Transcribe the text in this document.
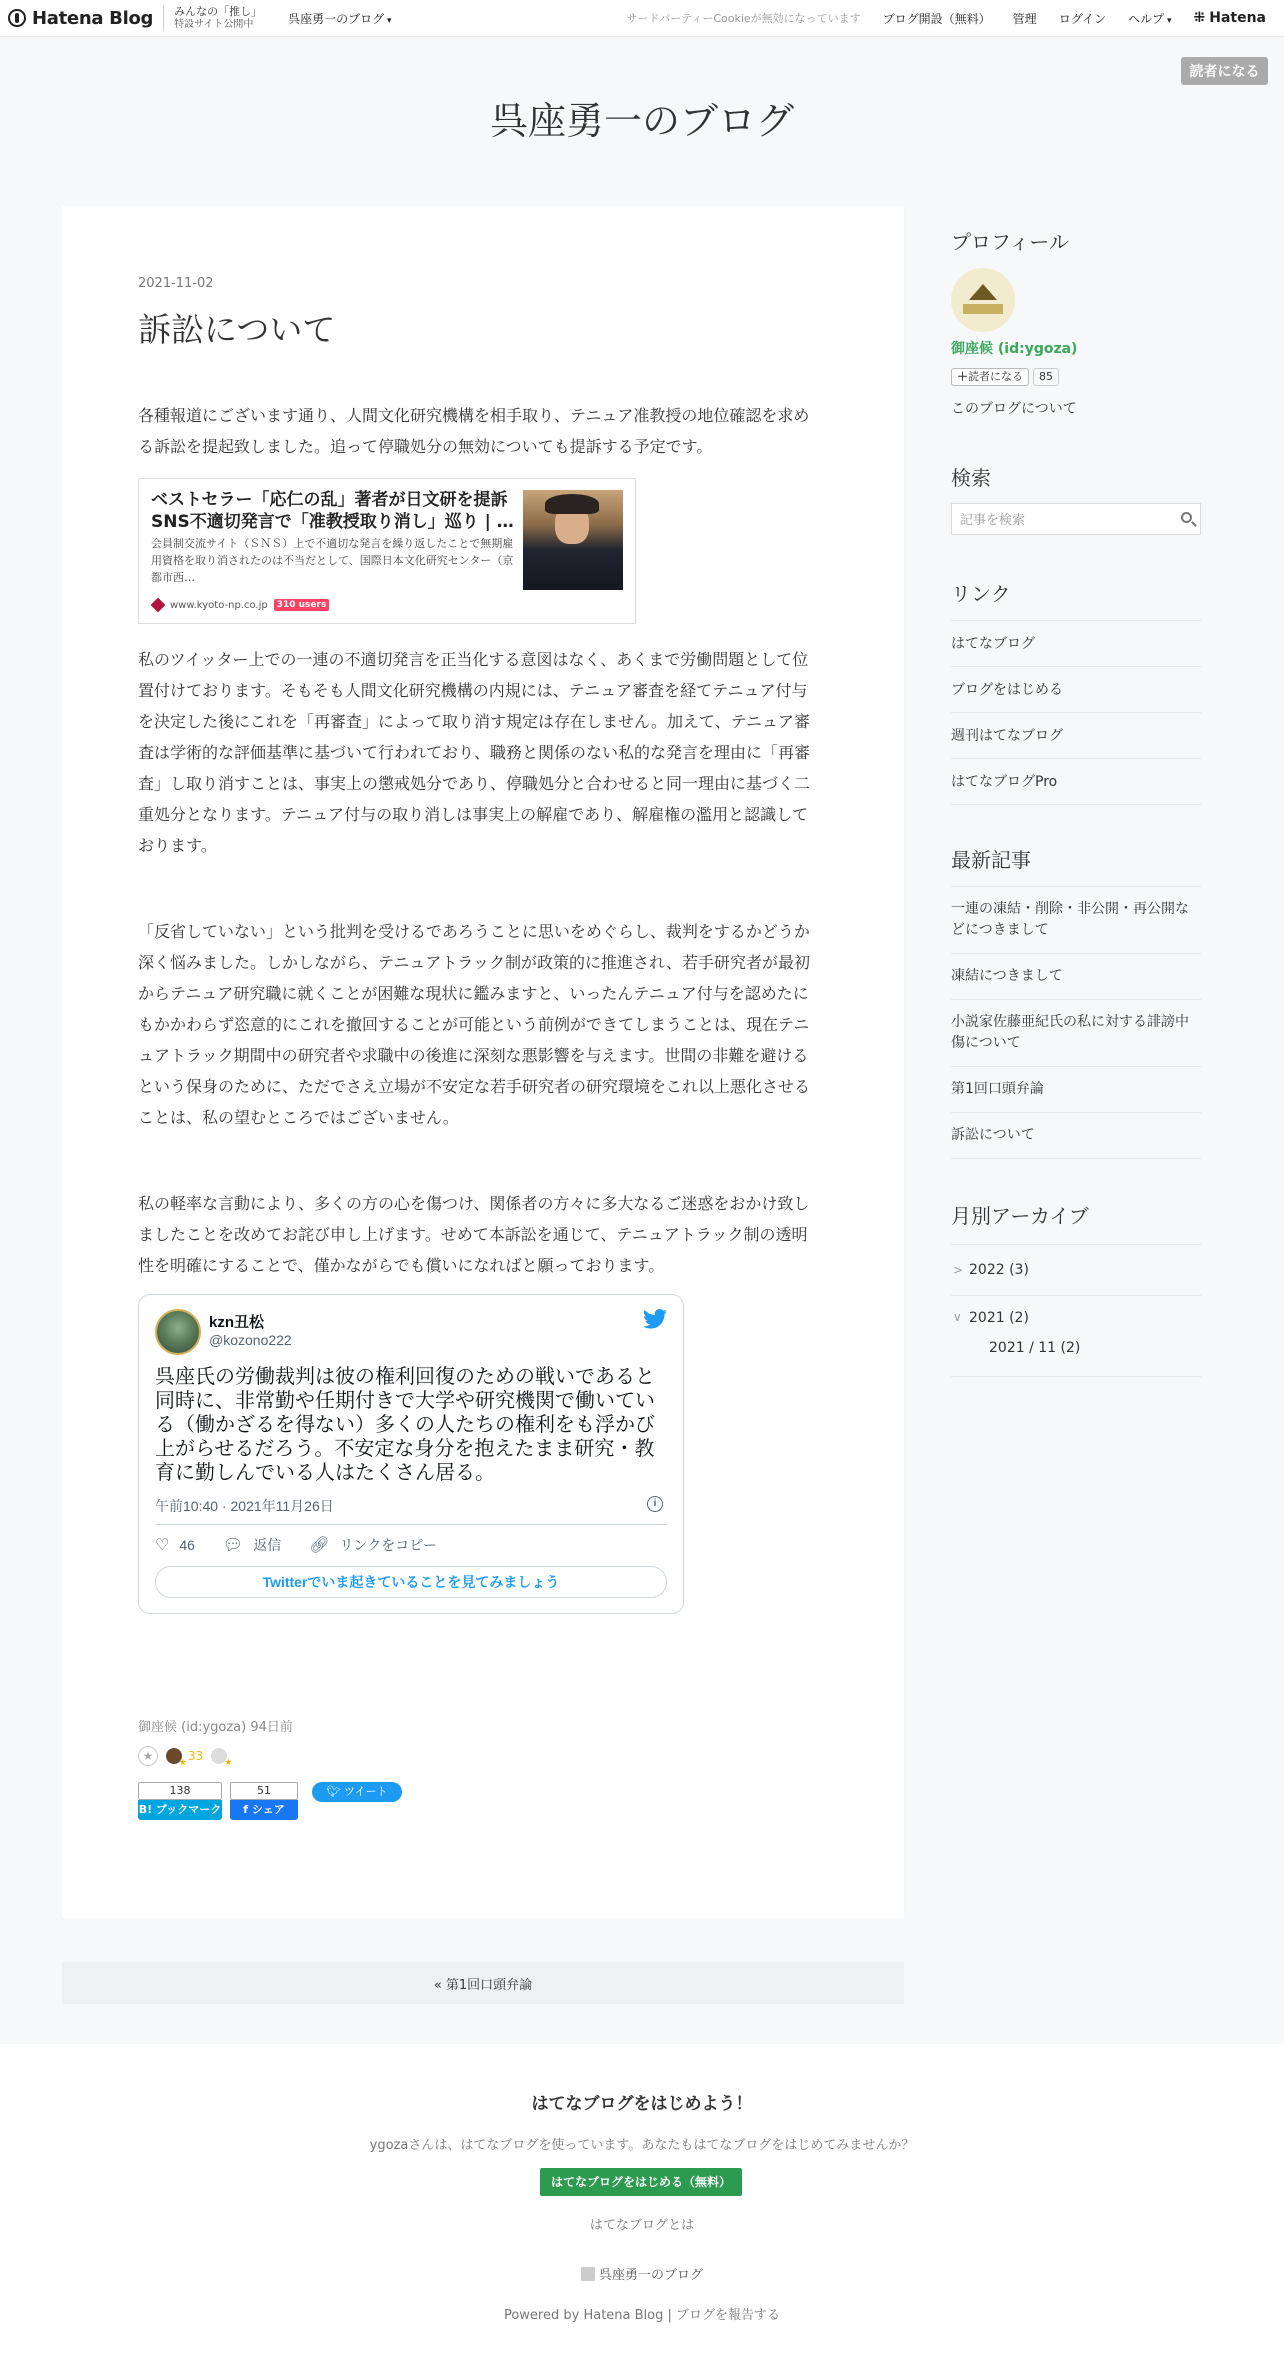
Hatena Blog みんなの「推し」
特設サイト公開中	呉座勇一のブログ ▾	サードパーティーCookieが無効になっています ブログ開設（無料） 管理 ログイン ヘルプ ▾	⁜ Hatena
読者になる
呉座勇一のブログ
2021-11-02
訴訟について

各種報道にございます通り、人間文化研究機構を相手取り、テニュア准教授の地位確認を求める訴訟を提起致しました。追って停職処分の無効についても提訴する予定です。

ベストセラー「応仁の乱」著者が日文研を提訴 SNS不適切発言で「准教授取り消し」巡り | …
会員制交流サイト（ＳＮＳ）上で不適切な発言を繰り返したことで無期雇用資格を取り消されたのは不当だとして、国際日本文化研究センター（京都市西…
www.kyoto-np.co.jp	310 users

私のツイッター上での一連の不適切発言を正当化する意図はなく、あくまで労働問題として位置付けております。そもそも人間文化研究機構の内規には、テニュア審査を経てテニュア付与を決定した後にこれを「再審査」によって取り消す規定は存在しません。加えて、テニュア審査は学術的な評価基準に基づいて行われており、職務と関係のない私的な発言を理由に「再審査」し取り消すことは、事実上の懲戒処分であり、停職処分と合わせると同一理由に基づく二重処分となります。テニュア付与の取り消しは事実上の解雇であり、解雇権の濫用と認識しております。

「反省していない」という批判を受けるであろうことに思いをめぐらし、裁判をするかどうか深く悩みました。しかしながら、テニュアトラック制が政策的に推進され、若手研究者が最初からテニュア研究職に就くことが困難な現状に鑑みますと、いったんテニュア付与を認めたにもかかわらず恣意的にこれを撤回することが可能という前例ができてしまうことは、現在テニュアトラック期間中の研究者や求職中の後進に深刻な悪影響を与えます。世間の非難を避けるという保身のために、ただでさえ立場が不安定な若手研究者の研究環境をこれ以上悪化させることは、私の望むところではございません。

私の軽率な言動により、多くの方の心を傷つけ、関係者の方々に多大なるご迷惑をおかけ致しましたことを改めてお詫び申し上げます。せめて本訴訟を通じて、テニュアトラック制の透明性を明確にすることで、僅かながらでも償いになればと願っております。

kzn丑松
@kozono222
呉座氏の労働裁判は彼の権利回復のための戦いであると同時に、非常勤や任期付きで大学や研究機関で働いている（働かざるを得ない）多くの人たちの権利をも浮かび上がらせるだろう。不安定な身分を抱えたまま研究・教育に勤しんでいる人はたくさん居る。
午前10:40 · 2021年11月26日	i
♡ 46 💬︎ 返信 🔗︎ リンクをコピー
Twitterでいま起きていることを見てみましょう
御座候 (id:ygoza) 94日前
★
★	33
★
138
B! ブックマーク
51
f シェア
🐦︎ ツイート
« 第1回口頭弁論
プロフィール
御座候 (id:ygoza)
＋ 読者になる	85
このブログについて
検索
記事を検索
リンク
はてなブログ
ブログをはじめる
週刊はてなブログ
はてなブログPro
最新記事
一連の凍結・削除・非公開・再公開などにつきまして
凍結につきまして
小説家佐藤亜紀氏の私に対する誹謗中傷について
第1回口頭弁論
訴訟について
月別アーカイブ
> 2022 (3)
∨ 2021 (2)
2021 / 11 (2)
はてなブログをはじめよう！
ygozaさんは、はてなブログを使っています。あなたもはてなブログをはじめてみませんか？
はてなブログをはじめる（無料）
はてなブログとは
呉座勇一のブログ
Powered by Hatena Blog | ブログを報告する
